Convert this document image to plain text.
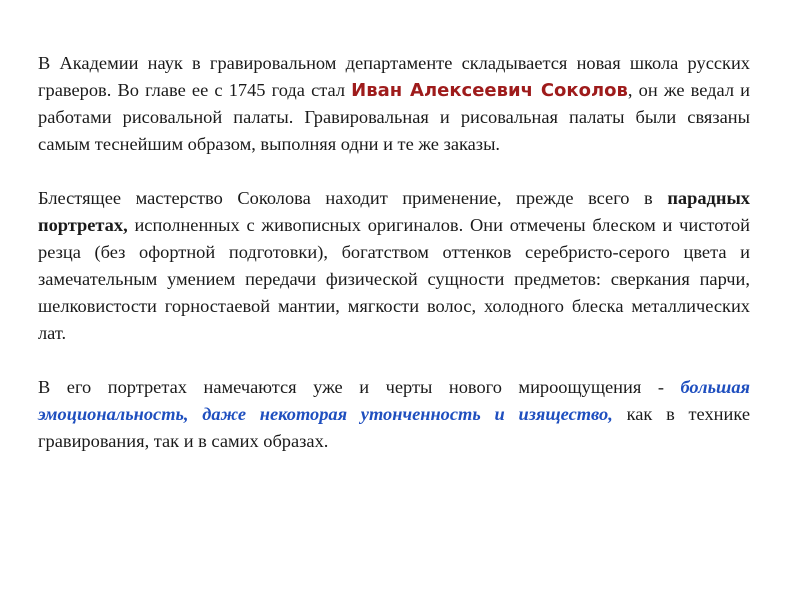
В Академии наук в гравировальном департаменте складывается новая школа русских граверов. Во главе ее с 1745 года стал Иван Алексеевич Соколов, он же ведал и работами рисовальной палаты. Гравировальная и рисовальная палаты были связаны самым теснейшим образом, выполняя одни и те же заказы.

Блестящее мастерство Соколова находит применение, прежде всего в парадных портретах, исполненных с живописных оригиналов. Они отмечены блеском и чистотой резца (без офортной подготовки), богатством оттенков серебристо-серого цвета и замечательным умением передачи физической сущности предметов: сверкания парчи, шелковистости горностаевой мантии, мягкости волос, холодного блеска металлических лат.

В его портретах намечаются уже и черты нового мироощущения - большая эмоциональность, даже некоторая утонченность и изящество, как в технике гравирования, так и в самих образах.
